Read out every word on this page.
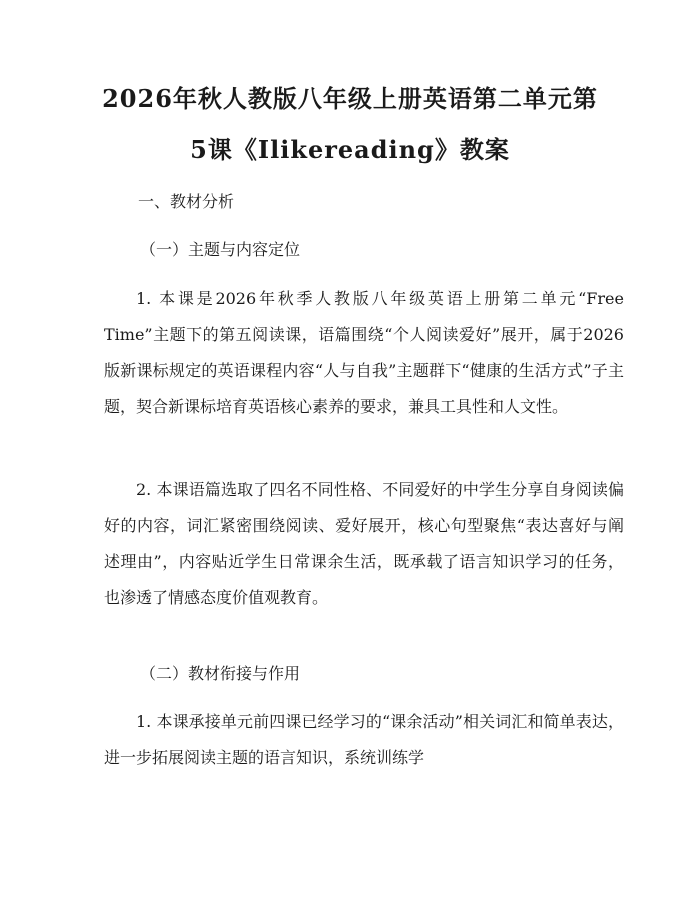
2026年秋人教版八年级上册英语第二单元第
5课《Ilikereading》教案
一、教材分析
（一）主题与内容定位

1. 本课是2026年秋季人教版八年级英语上册第二单元“Free Time”主题下的第五阅读课，语篇围绕“个人阅读爱好”展开，属于2026版新课标规定的英语课程内容“人与自我”主题群下“健康的生活方式”子主题，契合新课标培育英语核心素养的要求，兼具工具性和人文性。

2. 本课语篇选取了四名不同性格、不同爱好的中学生分享自身阅读偏好的内容，词汇紧密围绕阅读、爱好展开，核心句型聚焦“表达喜好与阐述理由”，内容贴近学生日常课余生活，既承载了语言知识学习的任务，也渗透了情感态度价值观教育。

（二）教材衔接与作用

1. 本课承接单元前四课已经学习的“课余活动”相关词汇和简单表达，进一步拓展阅读主题的语言知识，系统训练学
